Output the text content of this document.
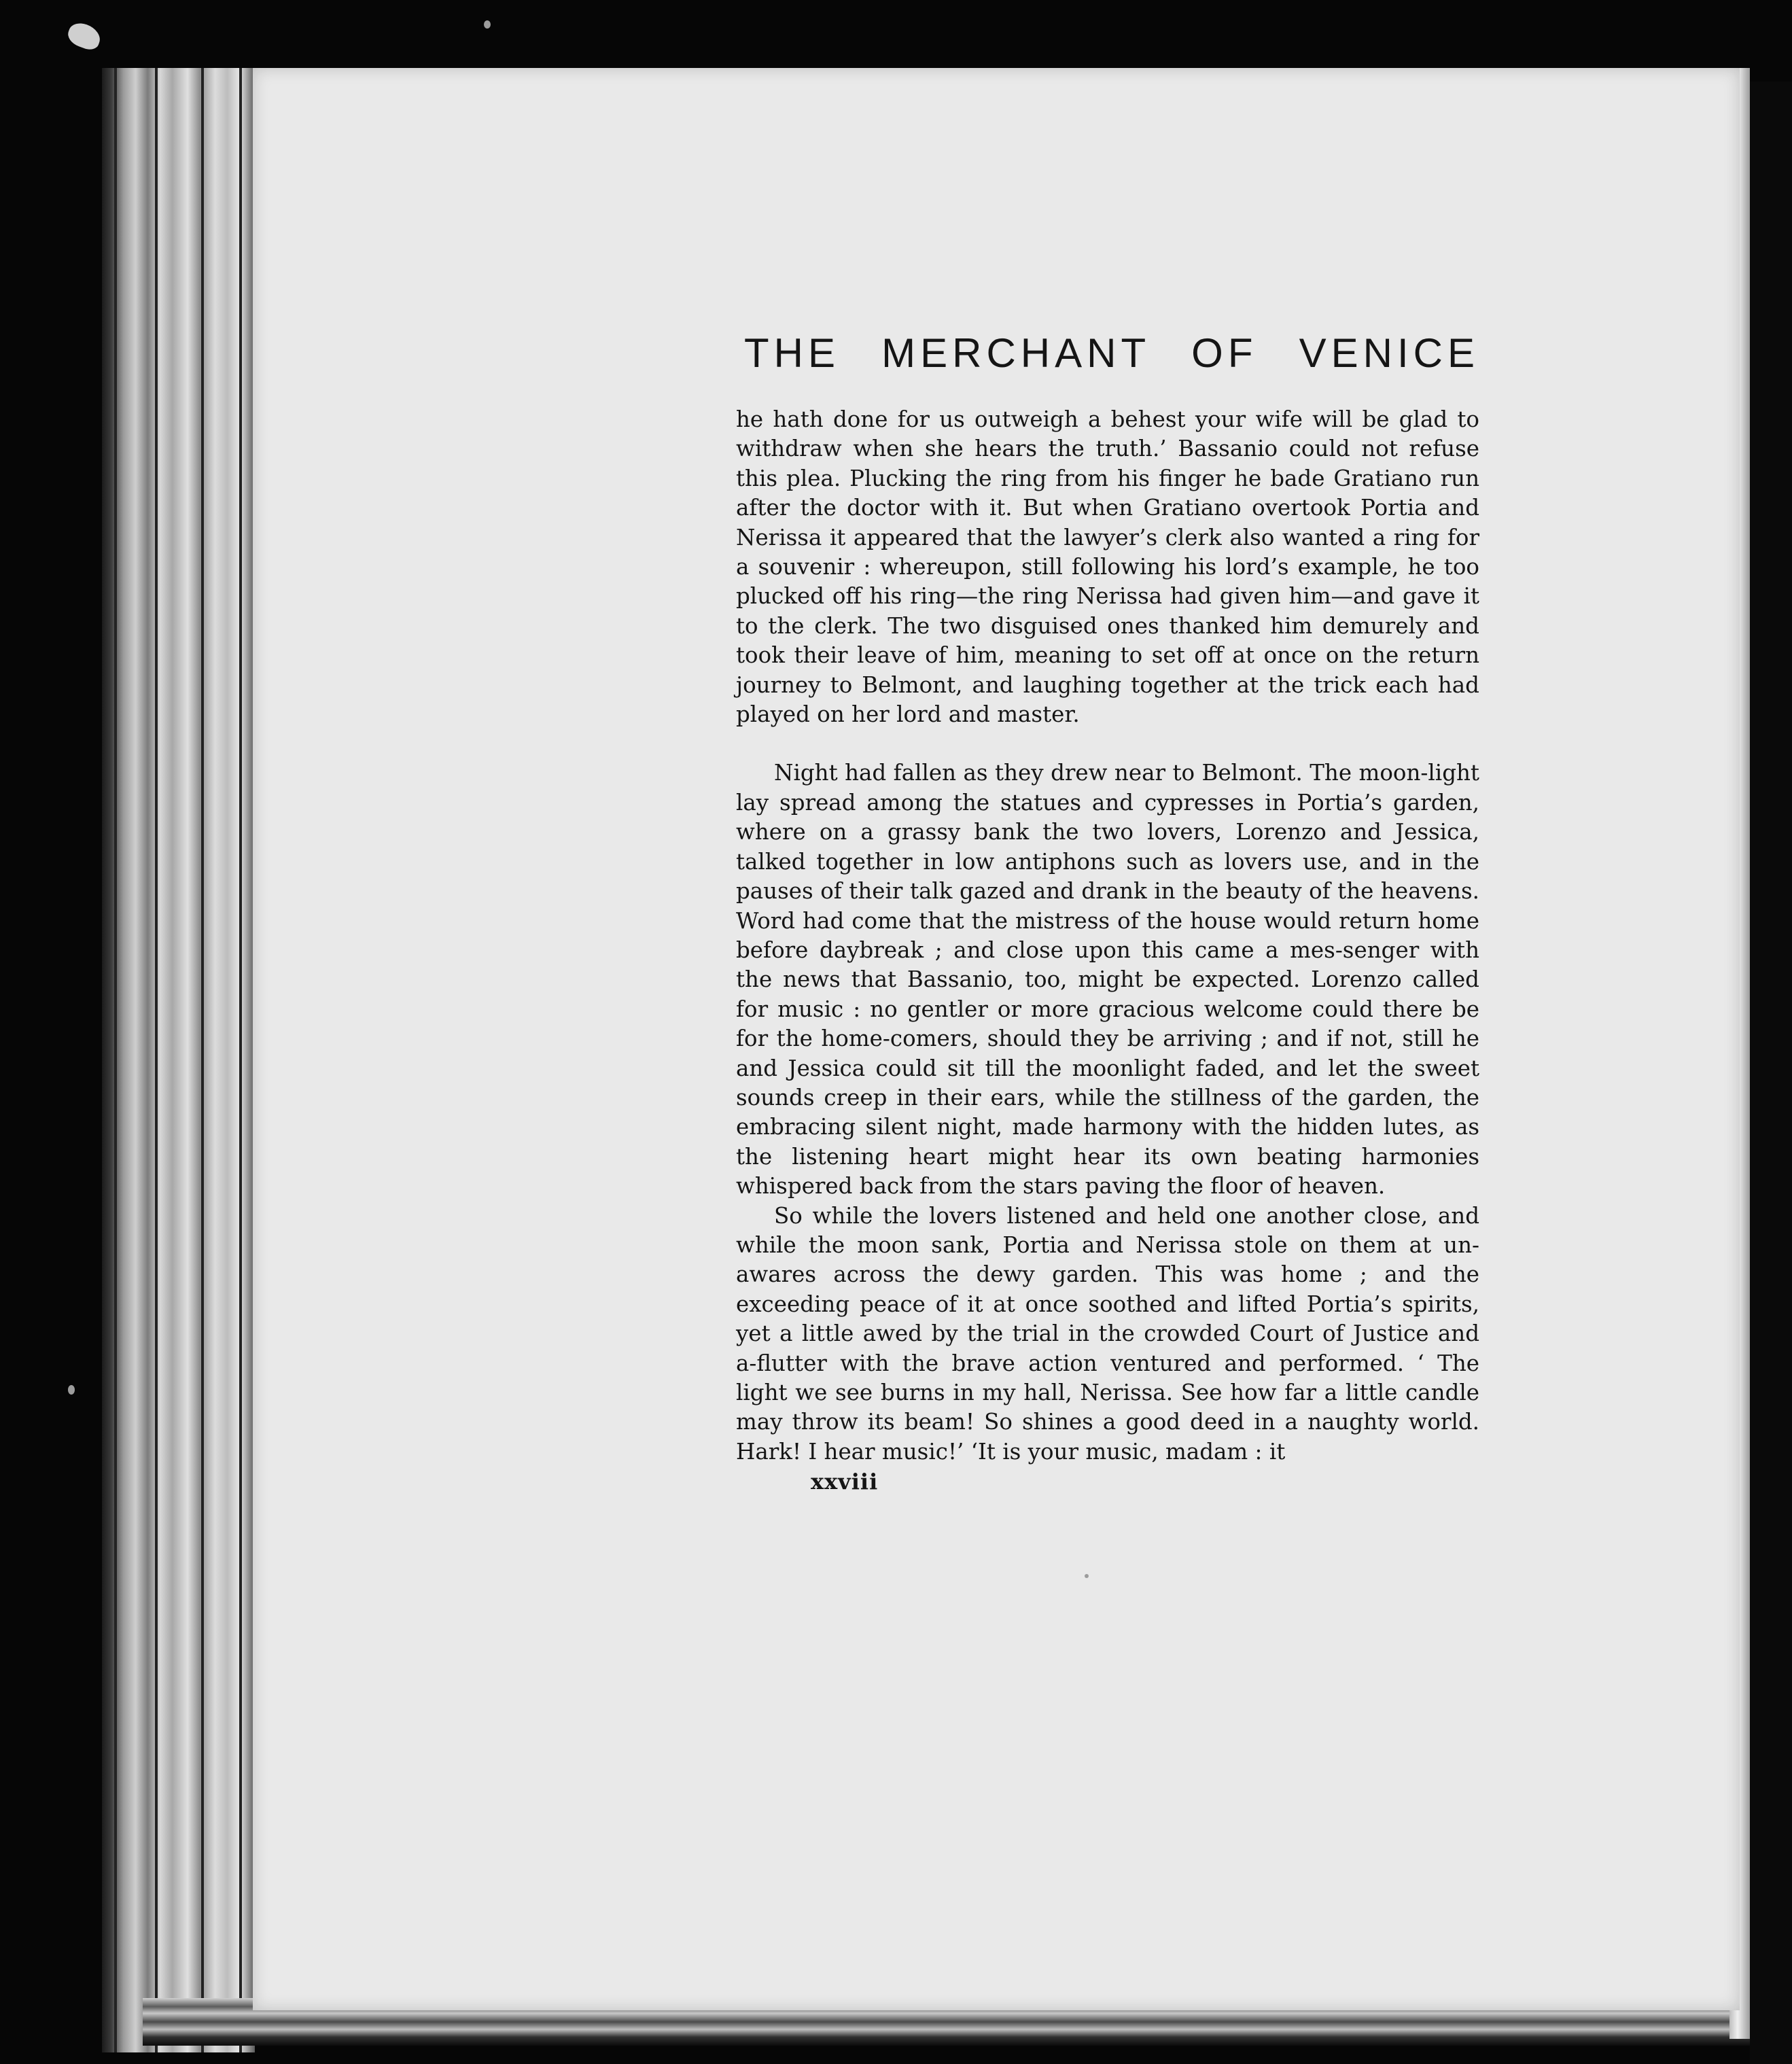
THE MERCHANT OF VENICE

he hath done for us outweigh a behest your wife will be glad to withdraw when she hears the truth.’ Bassanio could not refuse this plea. Plucking the ring from his finger he bade Gratiano run after the doctor with it. But when Gratiano overtook Portia and Nerissa it appeared that the lawyer’s clerk also wanted a ring for a souvenir : whereupon, still following his lord’s example, he too plucked off his ring—the ring Nerissa had given him—and gave it to the clerk. The two disguised ones thanked him demurely and took their leave of him, meaning to set off at once on the return journey to Belmont, and laughing together at the trick each had played on her lord and master.

Night had fallen as they drew near to Belmont. The moon-light lay spread among the statues and cypresses in Portia’s garden, where on a grassy bank the two lovers, Lorenzo and Jessica, talked together in low antiphons such as lovers use, and in the pauses of their talk gazed and drank in the beauty of the heavens. Word had come that the mistress of the house would return home before daybreak ; and close upon this came a mes-senger with the news that Bassanio, too, might be expected. Lorenzo called for music : no gentler or more gracious welcome could there be for the home-comers, should they be arriving ; and if not, still he and Jessica could sit till the moonlight faded, and let the sweet sounds creep in their ears, while the stillness of the garden, the embracing silent night, made harmony with the hidden lutes, as the listening heart might hear its own beating harmonies whispered back from the stars paving the floor of heaven.

So while the lovers listened and held one another close, and while the moon sank, Portia and Nerissa stole on them at un-awares across the dewy garden. This was home ; and the exceeding peace of it at once soothed and lifted Portia’s spirits, yet a little awed by the trial in the crowded Court of Justice and a-flutter with the brave action ventured and performed. ‘ The light we see burns in my hall, Nerissa. See how far a little candle may throw its beam! So shines a good deed in a naughty world. Hark! I hear music!’ ‘It is your music, madam : it

xxviii
